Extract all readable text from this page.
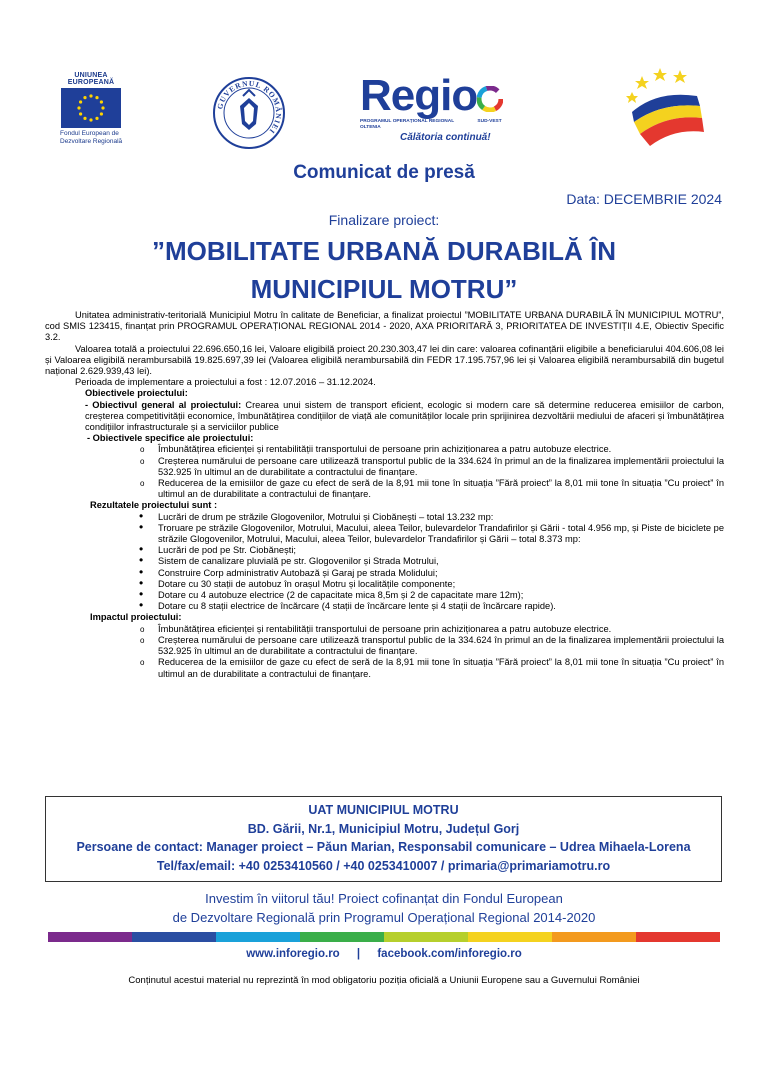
UNIUNEA EUROPEANĂ
Fondul European de
Dezvoltare Regională
GUVERNUL ROMÂNIEI
Regio
PROGRAMUL OPERAȚIONAL REGIONAL	SUD-VEST OLTENIA
Călătoria continuă!
Comunicat de presă
Data: DECEMBRIE 2024
Finalizare proiect:
”MOBILITATE URBANĂ DURABILĂ ÎN
MUNICIPIUL MOTRU”

Unitatea administrativ-teritorială Municipiul Motru în calitate de Beneficiar, a finalizat proiectul ”MOBILITATE URBANA DURABILĂ ÎN MUNICIPIUL MOTRU”, cod SMIS 123415, finanțat prin PROGRAMUL OPERAȚIONAL REGIONAL 2014 - 2020, AXA PRIORITARĂ 3, PRIORITATEA DE INVESTIȚII 4.E, Obiectiv Specific 3.2.

Valoarea totală a proiectului 22.696.650,16 lei, Valoare eligibilă proiect 20.230.303,47 lei din care: valoarea cofinanțării eligibile a beneficiarului 404.606,08 lei și Valoarea eligibilă nerambursabilă 19.825.697,39 lei (Valoarea eligibilă nerambursabilă din FEDR 17.195.757,96 lei și Valoarea eligibilă nerambursabilă din bugetul național 2.629.939,43 lei).

Perioada de implementare a proiectului a fost : 12.07.2016 – 31.12.2024.

Obiectivele proiectului:
- Obiectivul general al proiectului: Crearea unui sistem de transport eficient, ecologic si modern care să determine reducerea emisiilor de carbon, creșterea competitivității economice, îmbunătățirea condițiilor de viață ale comunităților locale prin sprijinirea dezvoltării mediului de afaceri și îmbunătățirea condițiilor infrastructurale și a serviciilor publice
- Obiectivele specifice ale proiectului:
o Îmbunătățirea eficienței și rentabilității transportului de persoane prin achiziționarea a patru autobuze electrice.
o Creșterea numărului de persoane care utilizează transportul public de la 334.624 în primul an de la finalizarea implementării proiectului la 532.925 în ultimul an de durabilitate a contractului de finanțare.
o Reducerea de la emisiilor de gaze cu efect de seră de la 8,91 mii tone în situația ”Fără proiect” la 8,01 mii tone în situația ”Cu proiect” în ultimul an de durabilitate a contractului de finanțare.
Rezultatele proiectului sunt :
• Lucrări de drum pe străzile Glogovenilor, Motrului și Ciobănești – total 13.232 mp:
• Troruare pe străzile Glogovenilor, Motrului, Macului, aleea Teilor, bulevardelor Trandafirilor și Gării - total 4.956 mp, și Piste de biciclete pe străzile Glogovenilor, Motrului, Macului, aleea Teilor, bulevardelor Trandafirilor și Gării – total 8.373 mp:
• Lucrări de pod pe Str. Ciobănești;
• Sistem de canalizare pluvială pe str. Glogovenilor și Strada Motrului,
• Construire Corp administrativ Autobază și Garaj pe strada Molidului;
• Dotare cu 30 stații de autobuz în orașul Motru și localitățile componente;
• Dotare cu 4 autobuze electrice (2 de capacitate mica 8,5m și 2 de capacitate mare 12m);
• Dotare cu 8 stații electrice de încărcare (4 stații de încărcare lente și 4 stații de încărcare rapide).
Impactul proiectului:
o Îmbunătățirea eficienței și rentabilității transportului de persoane prin achiziționarea a patru autobuze electrice.
o Creșterea numărului de persoane care utilizează transportul public de la 334.624 în primul an de la finalizarea implementării proiectului la 532.925 în ultimul an de durabilitate a contractului de finanțare.
o Reducerea de la emisiilor de gaze cu efect de seră de la 8,91 mii tone în situația ”Fără proiect” la 8,01 mii tone în situația ”Cu proiect” în ultimul an de durabilitate a contractului de finanțare.
UAT MUNICIPIUL MOTRU
BD. Gării, Nr.1, Municipiul Motru, Județul Gorj
Persoane de contact: Manager proiect – Păun Marian, Responsabil comunicare – Udrea Mihaela-Lorena
Tel/fax/email: +40 0253410560 / +40 0253410007 / primaria@primariamotru.ro
Investim în viitorul tău! Proiect cofinanțat din Fondul European
de Dezvoltare Regională prin Programul Operațional Regional 2014-2020
www.inforegio.ro | facebook.com/inforegio.ro
Conținutul acestui material nu reprezintă în mod obligatoriu poziția oficială a Uniunii Europene sau a Guvernului României
